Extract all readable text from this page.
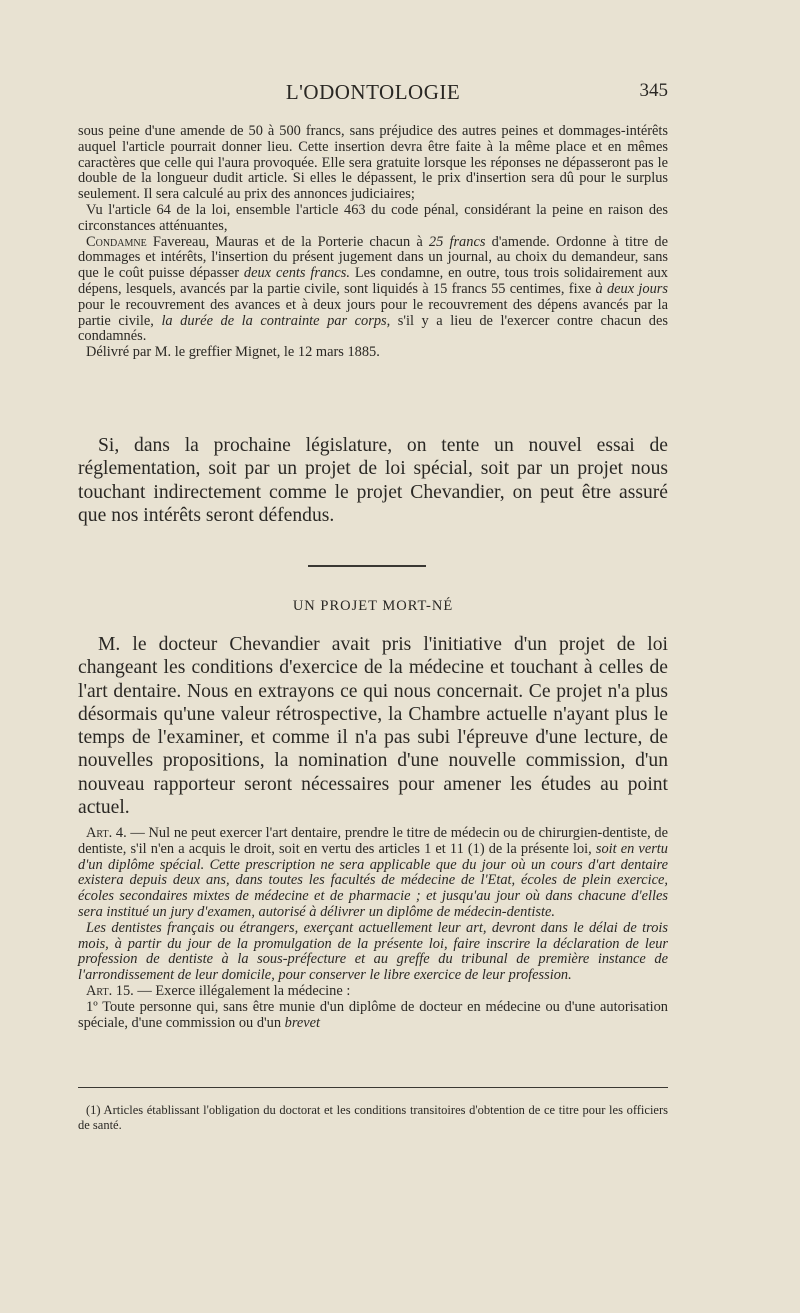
L'ODONTOLOGIE	345

sous peine d'une amende de 50 à 500 francs, sans préjudice des autres peines et dommages-intérêts auquel l'article pourrait donner lieu. Cette insertion devra être faite à la même place et en mêmes caractères que celle qui l'aura provoquée. Elle sera gratuite lorsque les réponses ne dépasseront pas le double de la longueur dudit article. Si elles le dépassent, le prix d'insertion sera dû pour le surplus seulement. Il sera calculé au prix des annonces judiciaires;

Vu l'article 64 de la loi, ensemble l'article 463 du code pénal, considérant la peine en raison des circonstances atténuantes,

Condamne Favereau, Mauras et de la Porterie chacun à 25 francs d'amende. Ordonne à titre de dommages et intérêts, l'insertion du présent jugement dans un journal, au choix du demandeur, sans que le coût puisse dépasser deux cents francs. Les condamne, en outre, tous trois solidairement aux dépens, lesquels, avancés par la partie civile, sont liquidés à 15 francs 55 centimes, fixe à deux jours pour le recouvrement des avances et à deux jours pour le recouvrement des dépens avancés par la partie civile, la durée de la contrainte par corps, s'il y a lieu de l'exercer contre chacun des condamnés.

Délivré par M. le greffier Mignet, le 12 mars 1885.

Si, dans la prochaine législature, on tente un nouvel essai de réglementation, soit par un projet de loi spécial, soit par un projet nous touchant indirectement comme le projet Chevandier, on peut être assuré que nos intérêts seront défendus.

UN PROJET MORT-NÉ

M. le docteur Chevandier avait pris l'initiative d'un projet de loi changeant les conditions d'exercice de la médecine et touchant à celles de l'art dentaire. Nous en extrayons ce qui nous concernait. Ce projet n'a plus désormais qu'une valeur rétrospective, la Chambre actuelle n'ayant plus le temps de l'examiner, et comme il n'a pas subi l'épreuve d'une lecture, de nouvelles propositions, la nomination d'une nouvelle commission, d'un nouveau rapporteur seront nécessaires pour amener les études au point actuel.

Art. 4. — Nul ne peut exercer l'art dentaire, prendre le titre de médecin ou de chirurgien-dentiste, de dentiste, s'il n'en a acquis le droit, soit en vertu des articles 1 et 11 (1) de la présente loi, soit en vertu d'un diplôme spécial. Cette prescription ne sera applicable que du jour où un cours d'art dentaire existera depuis deux ans, dans toutes les facultés de médecine de l'Etat, écoles de plein exercice, écoles secondaires mixtes de médecine et de pharmacie ; et jusqu'au jour où dans chacune d'elles sera institué un jury d'examen, autorisé à délivrer un diplôme de médecin-dentiste.

Les dentistes français ou étrangers, exerçant actuellement leur art, devront dans le délai de trois mois, à partir du jour de la promulgation de la présente loi, faire inscrire la déclaration de leur profession de dentiste à la sous-préfecture et au greffe du tribunal de première instance de l'arrondissement de leur domicile, pour conserver le libre exercice de leur profession.

Art. 15. — Exerce illégalement la médecine :

1º Toute personne qui, sans être munie d'un diplôme de docteur en médecine ou d'une autorisation spéciale, d'une commission ou d'un brevet

(1) Articles établissant l'obligation du doctorat et les conditions transitoires d'obtention de ce titre pour les officiers de santé.
